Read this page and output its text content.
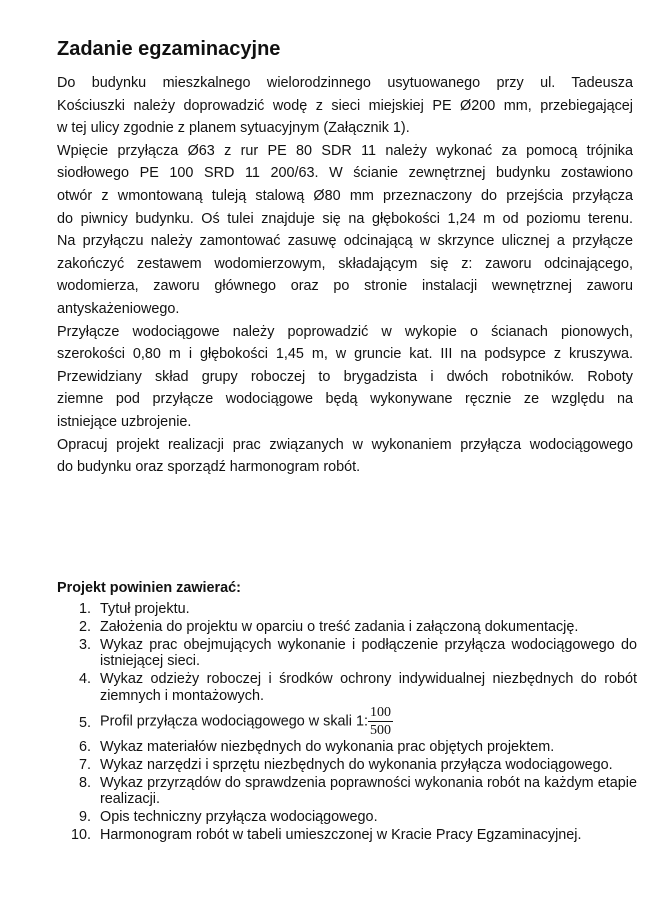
Zadanie egzaminacyjne

Do budynku mieszkalnego wielorodzinnego usytuowanego przy ul. Tadeusza
Kościuszki należy doprowadzić wodę z sieci miejskiej PE Ø200 mm, przebiegającej
w tej ulicy zgodnie z planem sytuacyjnym (Załącznik 1).

Wpięcie przyłącza Ø63 z rur PE 80 SDR 11 należy wykonać za pomocą trójnika
siodłowego PE 100 SRD 11 200/63. W ścianie zewnętrznej budynku zostawiono
otwór z wmontowaną tuleją stalową Ø80 mm przeznaczony do przejścia przyłącza
do piwnicy budynku. Oś tulei znajduje się na głębokości 1,24 m od poziomu terenu.
Na przyłączu należy zamontować zasuwę odcinającą w skrzynce ulicznej a przyłącze
zakończyć zestawem wodomierzowym, składającym się z: zaworu odcinającego,
wodomierza, zaworu głównego oraz po stronie instalacji wewnętrznej zaworu
antyskażeniowego.

Przyłącze wodociągowe należy poprowadzić w wykopie o ścianach pionowych,
szerokości 0,80 m i głębokości 1,45 m, w gruncie kat. III na podsypce z kruszywa.
Przewidziany skład grupy roboczej to brygadzista i dwóch robotników. Roboty
ziemne pod przyłącze wodociągowe będą wykonywane ręcznie ze względu na
istniejące uzbrojenie.

Opracuj projekt realizacji prac związanych w wykonaniem przyłącza wodociągowego
do budynku oraz sporządź harmonogram robót.

Projekt powinien zawierać:
1. Tytuł projektu.
2. Założenia do projektu w oparciu o treść zadania i załączoną dokumentację.
3. Wykaz prac obejmujących wykonanie i podłączenie przyłącza wodociągowego do istniejącej sieci.
4. Wykaz odzieży roboczej i środków ochrony indywidualnej niezbędnych do robót ziemnych i montażowych.
5. Profil przyłącza wodociągowego w skali 1: $\frac{100}{500}$
6. Wykaz materiałów niezbędnych do wykonania prac objętych projektem.
7. Wykaz narzędzi i sprzętu niezbędnych do wykonania przyłącza wodociągowego.
8. Wykaz przyrządów do sprawdzenia poprawności wykonania robót na każdym etapie realizacji.
9. Opis techniczny przyłącza wodociągowego.
10. Harmonogram robót w tabeli umieszczonej w Kracie Pracy Egzaminacyjnej.
